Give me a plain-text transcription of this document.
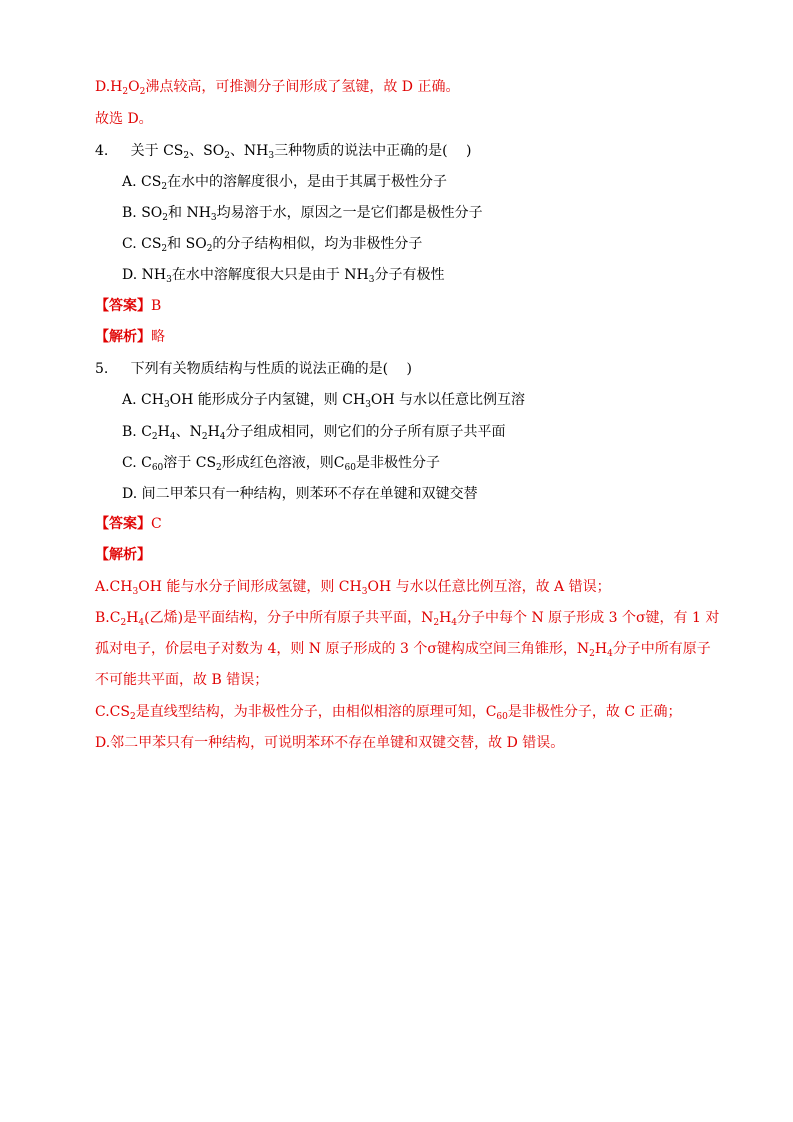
$D.H_2O_2$沸点较高，可推测分子间形成了氢键，故 D 正确。
故选 D。
4. 关于 $CS_2$、$SO_2$、$NH_3$三种物质的说法中正确的是(　 )
A. $CS_2$在水中的溶解度很小，是由于其属于极性分子
B. $SO_2$和 $NH_3$均易溶于水，原因之一是它们都是极性分子
C. $CS_2$和 $SO_2$的分子结构相似，均为非极性分子
D. $NH_3$在水中溶解度很大只是由于 $NH_3$分子有极性
【答案】B
【解析】略
5. 下列有关物质结构与性质的说法正确的是(　 )
A. $CH_3OH$ 能形成分子内氢键，则 $CH_3OH$ 与水以任意比例互溶
B. $C_2H_4$、$N_2H_4$分子组成相同，则它们的分子所有原子共平面
C. $C_{60}$溶于 $CS_2$形成红色溶液，则$C_{60}$是非极性分子
D. 间二甲苯只有一种结构，则苯环不存在单键和双键交替
【答案】C
【解析】
$A.CH_3OH$ 能与水分子间形成氢键，则 $CH_3OH$ 与水以任意比例互溶，故 A 错误；
$B.C_2H_4$(乙烯)是平面结构，分子中所有原子共平面，$N_2H_4$分子中每个 N 原子形成 3 个σ键，有 1 对
孤对电子，价层电子对数为 4，则 N 原子形成的 3 个σ键构成空间三角锥形，$N_2H_4$分子中所有原子
不可能共平面，故 B 错误；
$C.CS_2$是直线型结构，为非极性分子，由相似相溶的原理可知，$C_{60}$是非极性分子，故 C 正确；
D.邻二甲苯只有一种结构，可说明苯环不存在单键和双键交替，故 D 错误。
